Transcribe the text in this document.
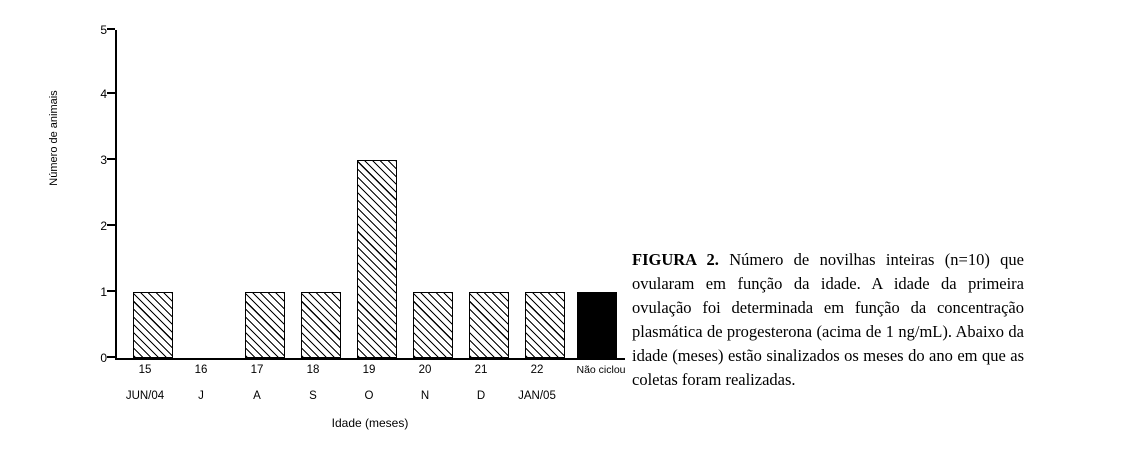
Número de animais
0
1
2
3
4
5
15	16	17	18	19	20	21	22	Não ciclou
JUN/04	J	A	S	O	N	D	JAN/05
Idade (meses)
FIGURA 2. Número de novilhas inteiras (n=10) que ovularam em função da idade. A idade da primeira ovulação foi determinada em função da concentração plasmática de progesterona (acima de 1 ng/mL). Abaixo da idade (meses) estão sinalizados os meses do ano em que as coletas foram realizadas.
